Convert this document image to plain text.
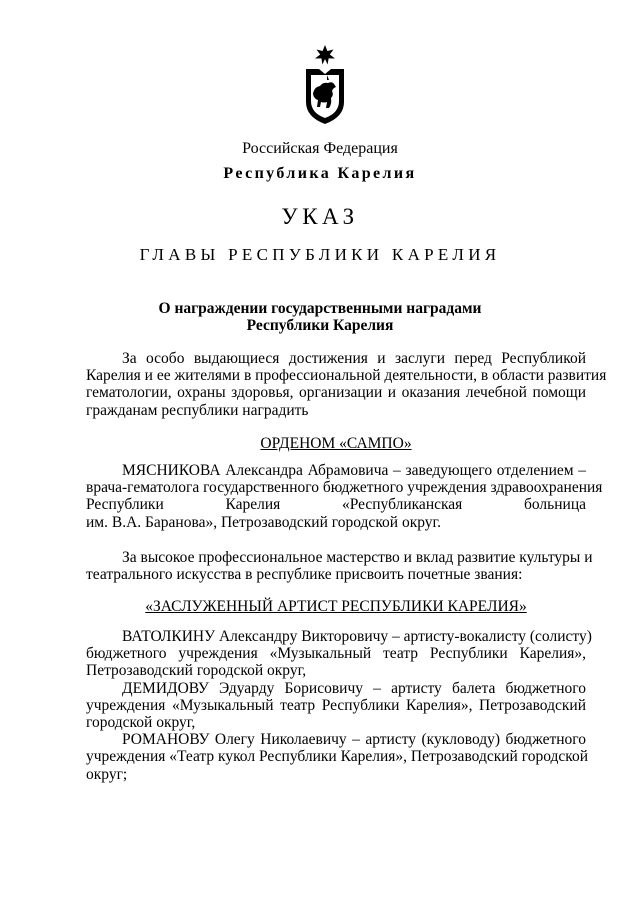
Российская Федерация
Республика Карелия
УКАЗ
ГЛАВЫ РЕСПУБЛИКИ КАРЕЛИЯ
О награждении государственными наградами
Республики Карелия
За особо выдающиеся достижения и заслуги перед Республикой
Карелия и ее жителями в профессиональной деятельности, в области развития
гематологии, охраны здоровья, организации и оказания лечебной помощи
гражданам республики наградить
ОРДЕНОМ «САМПО»
МЯСНИКОВА Александра Абрамовича – заведующего отделением –
врача-гематолога государственного бюджетного учреждения здравоохранения
Республики Карелия «Республиканская больница
им. В.А. Баранова», Петрозаводский городской округ.
За высокое профессиональное мастерство и вклад развитие культуры и
театрального искусства в республике присвоить почетные звания:
«ЗАСЛУЖЕННЫЙ АРТИСТ РЕСПУБЛИКИ КАРЕЛИЯ»
ВАТОЛКИНУ Александру Викторовичу – артисту-вокалисту (солисту)
бюджетного учреждения «Музыкальный театр Республики Карелия»,
Петрозаводский городской округ,
ДЕМИДОВУ Эдуарду Борисовичу – артисту балета бюджетного
учреждения «Музыкальный театр Республики Карелия», Петрозаводский
городской округ,
РОМАНОВУ Олегу Николаевичу – артисту (кукловоду) бюджетного
учреждения «Театр кукол Республики Карелия», Петрозаводский городской
округ;
